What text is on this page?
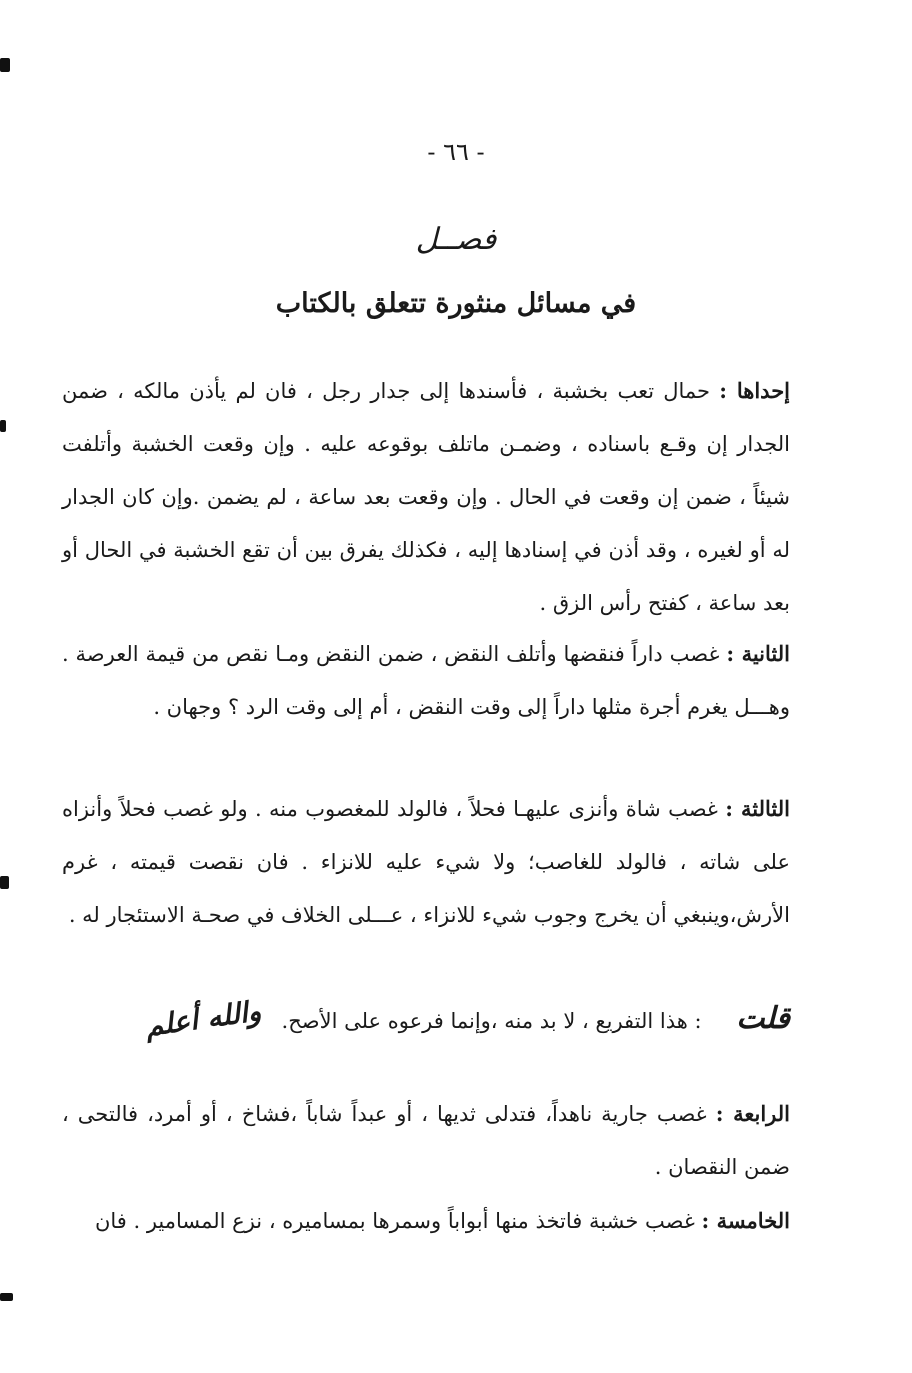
- ٦٦ -
فصــل
في مسائل منثورة تتعلق بالكتاب
إحداها : حمال تعب بخشبة ، فأسندها إلى جدار رجل ، فان لم يأذن مالكه ، ضمن الجدار إن وقـع باسناده ، وضمـن ماتلف بوقوعه عليه . وإن وقعت الخشبة وأتلفت شيئاً ، ضمن إن وقعت في الحال . وإن وقعت بعد ساعة ، لم يضمن .وإن كان الجدار له أو لغيره ، وقد أذن في إسنادها إليه ، فكذلك يفرق بين أن تقع الخشبة في الحال أو بعد ساعة ، كفتح رأس الزق .
الثانية : غصب داراً فنقضها وأتلف النقض ، ضمن النقض ومـا نقص من قيمة العرصة . وهـــل يغرم أجرة مثلها داراً إلى وقت النقض ، أم إلى وقت الرد ؟ وجهان .
الثالثة : غصب شاة وأنزى عليهـا فحلاً ، فالولد للمغصوب منه . ولو غصب فحلاً وأنزاه على شاته ، فالولد للغاصب؛ ولا شيء عليه للانزاء . فان نقصت قيمته ، غرم الأرش،وينبغي أن يخرج وجوب شيء للانزاء ، عـــلى الخلاف في صحـة الاستئجار له .
قلت : هذا التفريع ، لا بد منه ،وإنما فرعوه على الأصح. والله أعلم
الرابعة : غصب جارية ناهداً، فتدلى ثديها ، أو عبداً شاباً ،فشاخ ، أو أمرد، فالتحى ، ضمن النقصان .
الخامسة : غصب خشبة فاتخذ منها أبواباً وسمرها بمساميره ، نزع المسامير . فان
